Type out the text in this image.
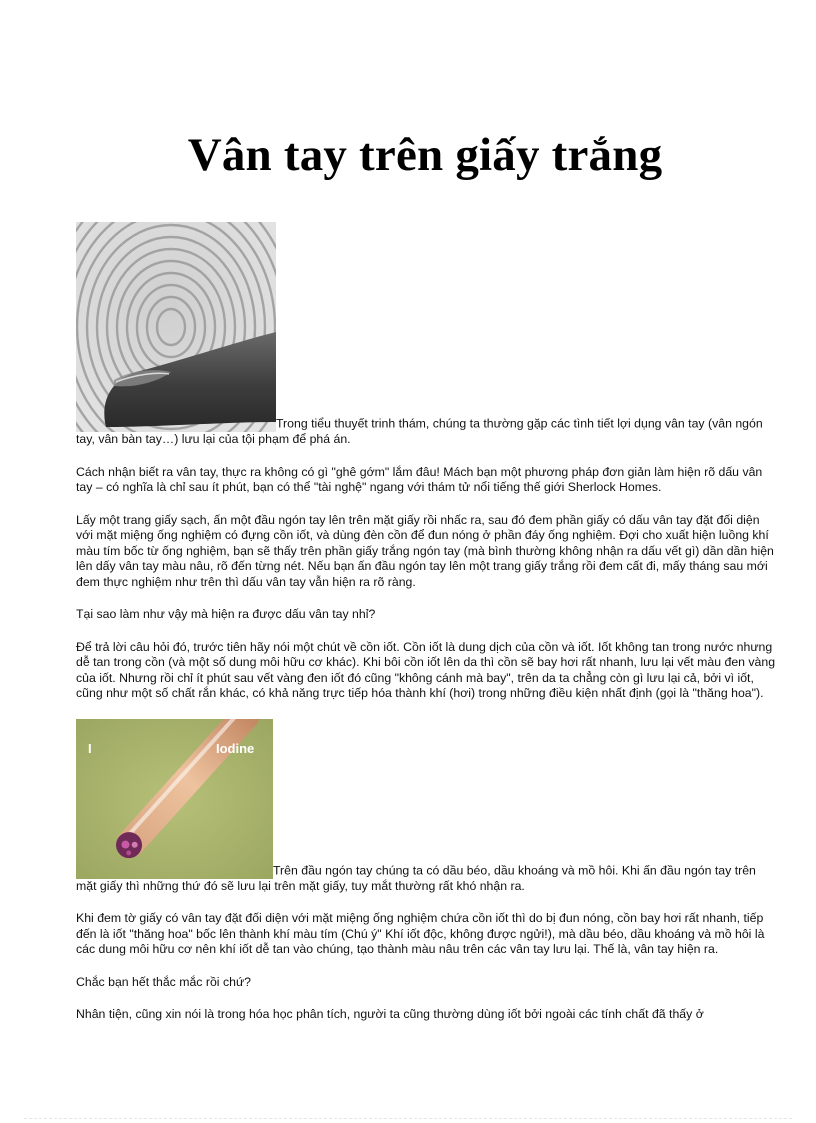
Vân tay trên giấy trắng

Trong tiểu thuyết trinh thám, chúng ta thường gặp các tình tiết lợi dụng vân tay (vân ngón tay, vân bàn tay…) lưu lại của tội phạm để phá án.

Cách nhận biết ra vân tay, thực ra không có gì "ghê gớm" lắm đâu! Mách bạn một phương pháp đơn giản làm hiện rõ dấu vân tay – có nghĩa là chỉ sau ít phút, bạn có thể "tài nghệ" ngang với thám tử nổi tiếng thế giới Sherlock Homes.

Lấy một trang giấy sạch, ấn một đầu ngón tay lên trên mặt giấy rồi nhấc ra, sau đó đem phần giấy có dấu vân tay đặt đối diện với mặt miệng ống nghiệm có đựng cồn iốt, và dùng đèn cồn để đun nóng ở phần đáy ống nghiệm. Đợi cho xuất hiện luồng khí màu tím bốc từ ống nghiệm, bạn sẽ thấy trên phần giấy trắng ngón tay (mà bình thường không nhận ra dấu vết gì) dần dần hiện lên dấy vân tay màu nâu, rõ đến từng nét. Nếu bạn ấn đầu ngón tay lên một trang giấy trắng rồi đem cất đi, mấy tháng sau mới đem thực nghiệm như trên thì dấu vân tay vẫn hiện ra rõ ràng.

Tại sao làm như vậy mà hiện ra được dấu vân tay nhỉ?

Để trả lời câu hỏi đó, trước tiên hãy nói một chút về cồn iốt. Cồn iốt là dung dịch của cồn và iốt. Iốt không tan trong nước nhưng dễ tan trong cồn (và một số dung môi hữu cơ khác). Khi bôi cồn iốt lên da thì cồn sẽ bay hơi rất nhanh, lưu lại vết màu đen vàng của iốt. Nhưng rồi chỉ ít phút sau vết vàng đen iốt đó cũng "không cánh mà bay", trên da ta chẳng còn gì lưu lại cả, bởi vì iốt, cũng như một số chất rắn khác, có khả năng trực tiếp hóa thành khí (hơi) trong những điều kiện nhất định (gọi là "thăng hoa").

I	Iodine
Trên đầu ngón tay chúng ta có dầu béo, dầu khoáng và mồ hôi. Khi ấn đầu ngón tay trên mặt giấy thì những thứ đó sẽ lưu lại trên mặt giấy, tuy mắt thường rất khó nhận ra.

Khi đem tờ giấy có vân tay đặt đối diện với mặt miệng ống nghiệm chứa cồn iốt thì do bị đun nóng, cồn bay hơi rất nhanh, tiếp đến là iốt "thăng hoa" bốc lên thành khí màu tím (Chú ý" Khí iốt độc, không được ngửi!), mà dầu béo, dầu khoáng và mồ hôi là các dung môi hữu cơ nên khí iốt dễ tan vào chúng, tạo thành màu nâu trên các vân tay lưu lại. Thế là, vân tay hiện ra.

Chắc bạn hết thắc mắc rồi chứ?

Nhân tiện, cũng xin nói là trong hóa học phân tích, người ta cũng thường dùng iốt bởi ngoài các tính chất đã thấy ở
